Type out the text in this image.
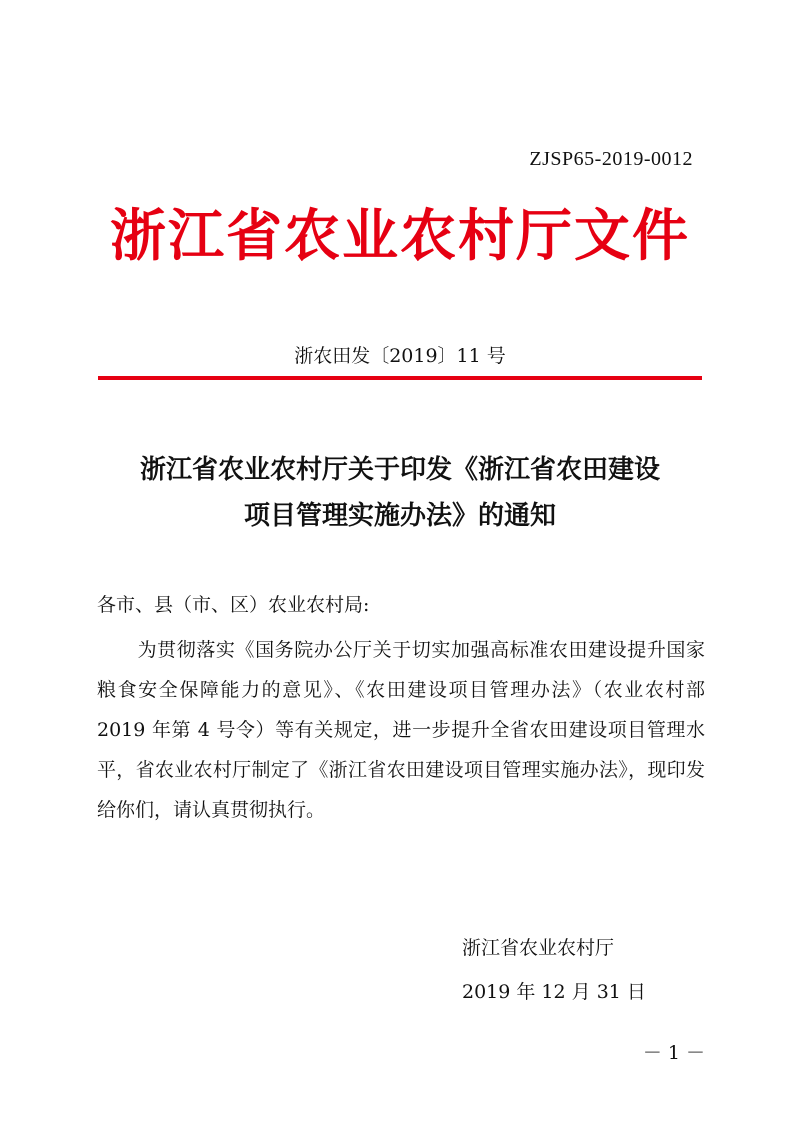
ZJSP65-2019-0012
浙江省农业农村厅文件
浙农田发〔2019〕11 号
浙江省农业农村厅关于印发《浙江省农田建设
项目管理实施办法》的通知
各市、县（市、区）农业农村局:
为贯彻落实《国务院办公厅关于切实加强高标准农田建设提升国家粮食安全保障能力的意见》、《农田建设项目管理办法》（农业农村部 2019 年第 4 号令）等有关规定，进一步提升全省农田建设项目管理水平，省农业农村厅制定了《浙江省农田建设项目管理实施办法》，现印发给你们，请认真贯彻执行。
浙江省农业农村厅
2019 年 12 月 31 日
－ 1 －
